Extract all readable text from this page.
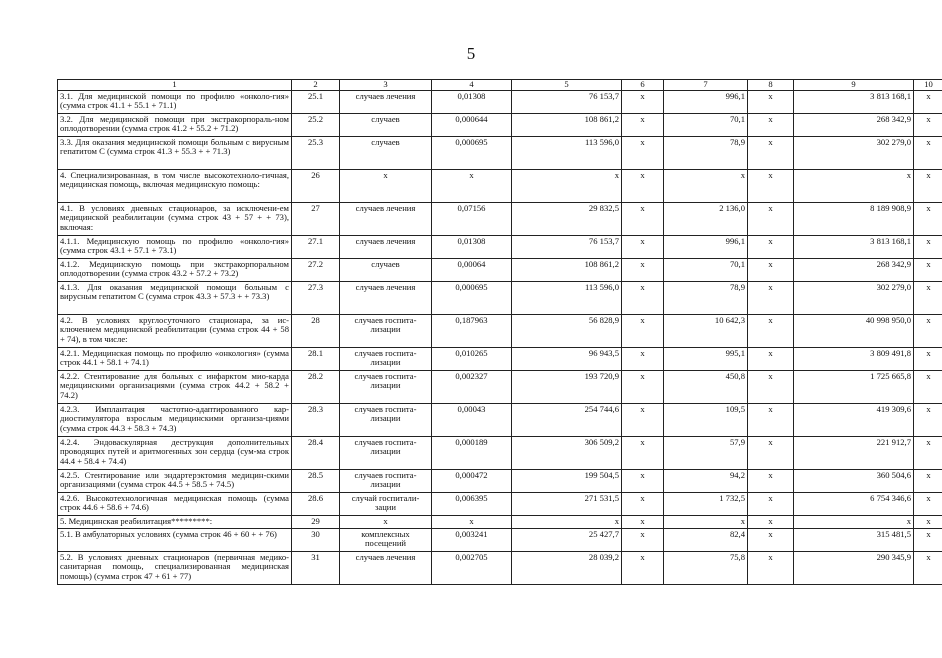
5
1	2	3	4	5	6	7	8	9	10
3.1. Для медицинской помощи по профилю «онколо-гия» (сумма строк 41.1 + 55.1 + 71.1)	25.1	случаев лечения	0,01308	76 153,7	х	996,1	х	3 813 168,1	х
3.2. Для медицинской помощи при экстракорпораль-ном оплодотворении (сумма строк 41.2 + 55.2 + 71.2)	25.2	случаев	0,000644	108 861,2	х	70,1	х	268 342,9	х
3.3. Для оказания медицинской помощи больным с вирусным гепатитом С (сумма строк 41.3 + 55.3 + + 71.3)	25.3	случаев	0,000695	113 596,0	х	78,9	х	302 279,0	х
4. Специализированная, в том числе высокотехноло-гичная, медицинская помощь, включая медицинскую помощь:	26	х	х	х	х	х	х	х	х
4.1. В условиях дневных стационаров, за исключени-ем медицинской реабилитации (сумма строк 43 + 57 + + 73), включая:	27	случаев лечения	0,07156	29 832,5	х	2 136,0	х	8 189 908,9	х
4.1.1. Медицинскую помощь по профилю «онколо-гия» (сумма строк 43.1 + 57.1 + 73.1)	27.1	случаев лечения	0,01308	76 153,7	х	996,1	х	3 813 168,1	х
4.1.2. Медицинскую помощь при экстракорпоральном оплодотворении (сумма строк 43.2 + 57.2 + 73.2)	27.2	случаев	0,00064	108 861,2	х	70,1	х	268 342,9	х
4.1.3. Для оказания медицинской помощи больным с вирусным гепатитом С (сумма строк 43.3 + 57.3 + + 73.3)	27.3	случаев лечения	0,000695	113 596,0	х	78,9	х	302 279,0	х
4.2. В условиях круглосуточного стационара, за ис-ключением медицинской реабилитации (сумма строк 44 + 58 + 74), в том числе:	28	случаев госпита-лизации	0,187963	56 828,9	х	10 642,3	х	40 998 950,0	х
4.2.1. Медицинская помощь по профилю «онкология» (сумма строк 44.1 + 58.1 + 74.1)	28.1	случаев госпита-лизации	0,010265	96 943,5	х	995,1	х	3 809 491,8	х
4.2.2. Стентирование для больных с инфарктом мио-карда медицинскими организациями (сумма строк 44.2 + 58.2 + 74.2)	28.2	случаев госпита-лизации	0,002327	193 720,9	х	450,8	х	1 725 665,8	х
4.2.3. Имплантация частотно-адаптированного кар-диостимулятора взрослым медицинскими организа-циями (сумма строк 44.3 + 58.3 + 74.3)	28.3	случаев госпита-лизации	0,00043	254 744,6	х	109,5	х	419 309,6	х
4.2.4. Эндоваскулярная деструкция дополнительных проводящих путей и аритмогенных зон сердца (сум-ма строк 44.4 + 58.4 + 74.4)	28.4	случаев госпита-лизации	0,000189	306 509,2	х	57,9	х	221 912,7	х
4.2.5. Стентирование или эндартерэктомия медицин-скими организациями (сумма строк 44.5 + 58.5 + 74.5)	28.5	случаев госпита-лизации	0,000472	199 504,5	х	94,2	х	360 504,6	х
4.2.6. Высокотехнологичная медицинская помощь (сумма строк 44.6 + 58.6 + 74.6)	28.6	случай госпитали-зации	0,006395	271 531,5	х	1 732,5	х	6 754 346,6	х
5. Медицинская реабилитация*********:	29	х	х	х	х	х	х	х	х
5.1. В амбулаторных условиях (сумма строк 46 + 60 + + 76)	30	комплексных посещений	0,003241	25 427,7	х	82,4	х	315 481,5	х
5.2. В условиях дневных стационаров (первичная медико-санитарная помощь, специализированная медицинская помощь) (сумма строк 47 + 61 + 77)	31	случаев лечения	0,002705	28 039,2	х	75,8	х	290 345,9	х
